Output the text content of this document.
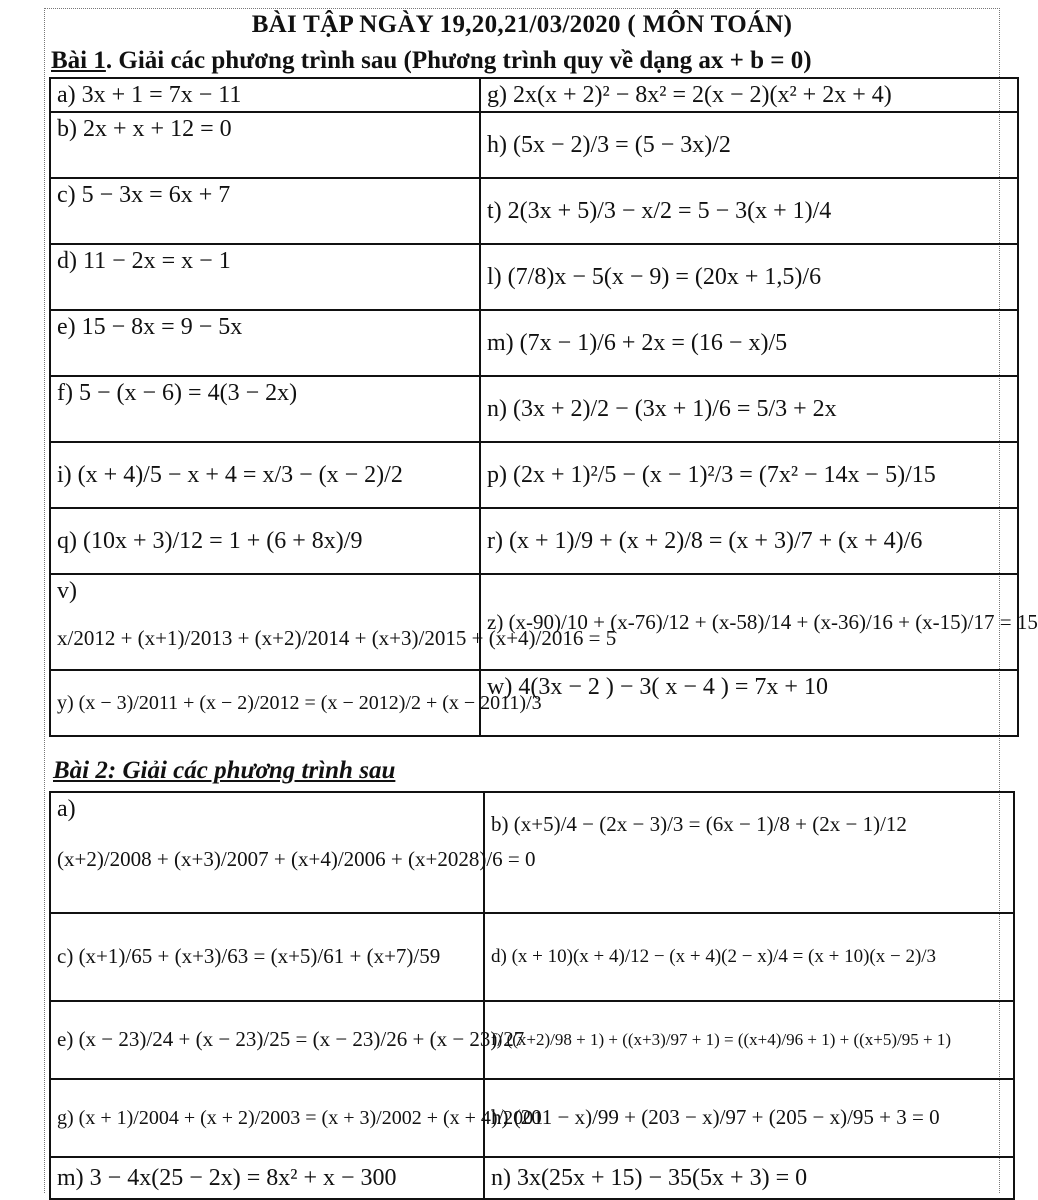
BÀI TẬP NGÀY 19,20,21/03/2020 ( MÔN TOÁN)
Bài 1. Giải các phương trình sau (Phương trình quy về dạng ax + b = 0)
a) 3x + 1 = 7x − 11	g) 2x(x + 2)² − 8x² = 2(x − 2)(x² + 2x + 4)
b) 2x + x + 12 = 0	h) (5x − 2)/3 = (5 − 3x)/2
c) 5 − 3x = 6x + 7	t) 2(3x + 5)/3 − x/2 = 5 − 3(x + 1)/4
d) 11 − 2x = x − 1	l) (7/8)x − 5(x − 9) = (20x + 1,5)/6
e) 15 − 8x = 9 − 5x	m) (7x − 1)/6 + 2x = (16 − x)/5
f) 5 − (x − 6) = 4(3 − 2x)	n) (3x + 2)/2 − (3x + 1)/6 = 5/3 + 2x
i) (x + 4)/5 − x + 4 = x/3 − (x − 2)/2	p) (2x + 1)²/5 − (x − 1)²/3 = (7x² − 14x − 5)/15
q) (10x + 3)/12 = 1 + (6 + 8x)/9	r) (x + 1)/9 + (x + 2)/8 = (x + 3)/7 + (x + 4)/6

v)
x/2012 + (x+1)/2013 + (x+2)/2014 + (x+3)/2015 + (x+4)/2016 = 5	z) (x-90)/10 + (x-76)/12 + (x-58)/14 + (x-36)/16 + (x-15)/17 = 15
y) (x − 3)/2011 + (x − 2)/2012 = (x − 2012)/2 + (x − 2011)/3	w) 4(3x − 2 ) − 3( x − 4 ) = 7x + 10
Bài 2: Giải các phương trình sau
a)
(x+2)/2008 + (x+3)/2007 + (x+4)/2006 + (x+2028)/6 = 0	b) (x+5)/4 − (2x − 3)/3 = (6x − 1)/8 + (2x − 1)/12
c) (x+1)/65 + (x+3)/63 = (x+5)/61 + (x+7)/59	d) (x + 10)(x + 4)/12 − (x + 4)(2 − x)/4 = (x + 10)(x − 2)/3
e) (x − 23)/24 + (x − 23)/25 = (x − 23)/26 + (x − 23)/27	f) ((x+2)/98 + 1) + ((x+3)/97 + 1) = ((x+4)/96 + 1) + ((x+5)/95 + 1)
g) (x + 1)/2004 + (x + 2)/2003 = (x + 3)/2002 + (x + 4)/2001	h) (201 − x)/99 + (203 − x)/97 + (205 − x)/95 + 3 = 0
m) 3 − 4x(25 − 2x) = 8x² + x − 300	n) 3x(25x + 15) − 35(5x + 3) = 0
